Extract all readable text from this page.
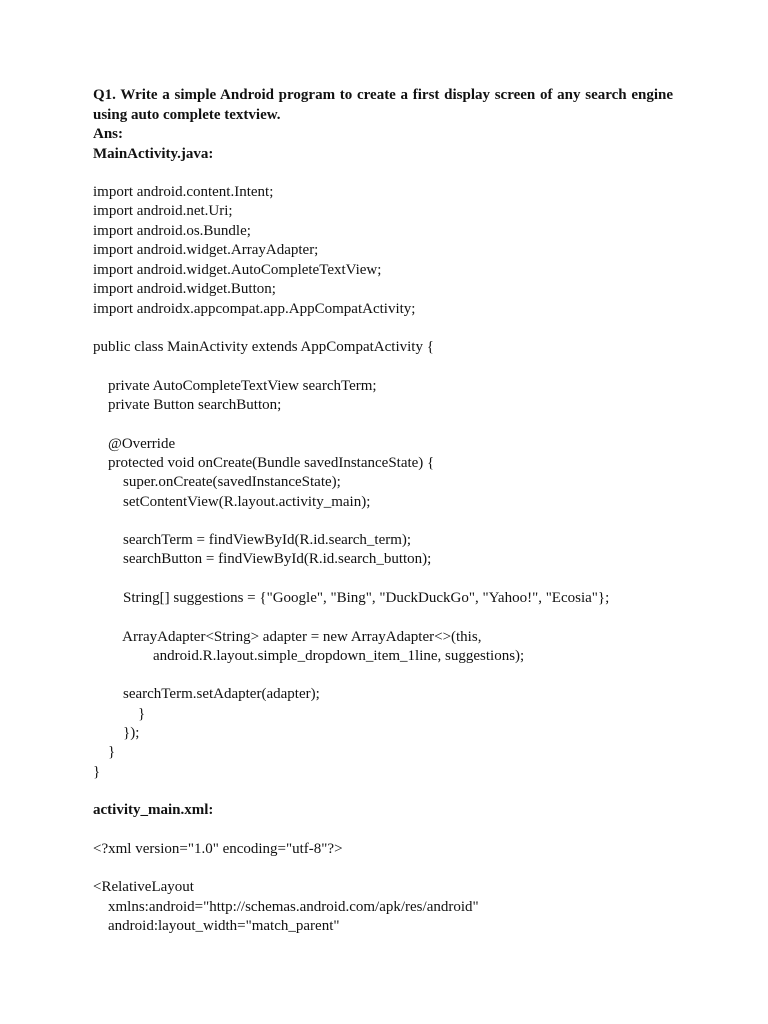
Q1. Write a simple Android program to create a first display screen of any search engine using auto complete textview.

Ans:
MainActivity.java:
import android.content.Intent;
import android.net.Uri;
import android.os.Bundle;
import android.widget.ArrayAdapter;
import android.widget.AutoCompleteTextView;
import android.widget.Button;
import androidx.appcompat.app.AppCompatActivity;
public class MainActivity extends AppCompatActivity {
private AutoCompleteTextView searchTerm;
private Button searchButton;
@Override
protected void onCreate(Bundle savedInstanceState) {
super.onCreate(savedInstanceState);
setContentView(R.layout.activity_main);
searchTerm = findViewById(R.id.search_term);
searchButton = findViewById(R.id.search_button);
String[] suggestions = {"Google", "Bing", "DuckDuckGo", "Yahoo!", "Ecosia"};
ArrayAdapter<String> adapter = new ArrayAdapter<>(this,
android.R.layout.simple_dropdown_item_1line, suggestions);
searchTerm.setAdapter(adapter);
}
});
}
}
activity_main.xml:
<?xml version="1.0" encoding="utf-8"?>
<RelativeLayout
xmlns:android="http://schemas.android.com/apk/res/android"
android:layout_width="match_parent"
